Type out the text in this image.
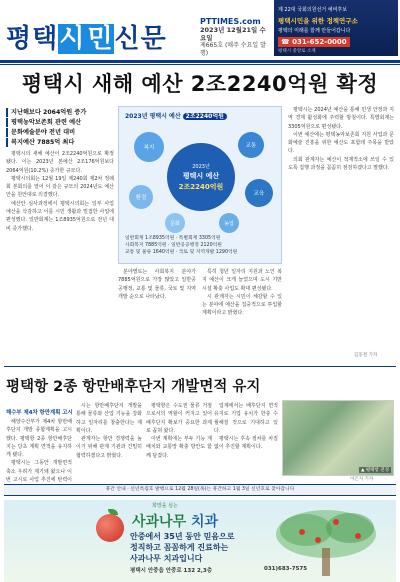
평택시민신문
PTTIMES.com
2023년 12월21일 수요일
제665호 (매주 수요일 발행)
제 22대 국회의원선거 예비후보
평택시민을 위한 정책연구소
평택의 미래를 함께 만들어갑니다
☎ 031-652-0000
평택시 중앙로 소재
평택시 새해 예산 2조2240억원 확정
지난해보다 2064억원 증가
평택농악보존회 관련 예산
문화예술분야 전년 대비
복지예산 7885억 최다

평택시의 새해 예산이 2조2240억원으로 확정됐다. 이는 2023년 본예산 2조176억원보다 2064억원(10.2%) 증가한 규모다.

평택시의회는 12월 19일 제240회 제2차 정례회 본회의를 열어 이 같은 규모의 2024년도 예산안을 원안대로 의결했다.

예산안 심사과정에서 평택시의회는 일부 사업 예산을 삭감하고 이를 시민 생활과 밀접한 사업에 편성했다. 일반회계는 1조8935억원으로 전년 대비 증가했다.

2023년 평택시 예산 2조2240억원
2023년
평택시 예산
2조2240억원
복지	교통
환경
교육
문화	농업
일반회계 1조8935억원 · 특별회계 3305억원
사회복지 7885억원 · 일반공공행정 2120억원
교통 및 물류 1640억원 · 국토 및 지역개발 1290억원

분야별로는 사회복지 분야가 7885억원으로 가장 많았고 일반공공행정, 교통 및 물류, 국토 및 지역개발 순으로 나타났다.

특히 청년 일자리 지원과 노인 복지 예산이 크게 늘었으며 도시 기반 시설 확충 사업도 확대 편성됐다.

시 관계자는 시민이 체감할 수 있는 분야에 예산을 집중적으로 투입할 계획이라고 밝혔다.

평택시는 2024년 예산을 통해 민생 안정과 지역 경제 활성화에 주력할 방침이다. 특별회계는 3305억원으로 편성됐다.

이번 예산에는 평택농악보존회 지원 사업과 문화예술 진흥을 위한 예산도 포함돼 주목을 받았다.

의회 관계자는 예산이 적재적소에 쓰일 수 있도록 집행 과정을 꼼꼼히 점검하겠다고 말했다.

김동철 기자
평택항 2종 항만배후단지 개발면적 유지
해수부 제4차 항만계획 고시

해양수산부가 제4차 항만배후단지 개발 종합계획을 고시했다. 평택항 2종 항만배후단지는 당초 계획 면적을 유지하게 됐다.

평택시는 그동안 개발면적 축소 우려가 제기돼 왔으나 이번 고시로 사업 추진에 탄력이

시는 항만배후단지 개발을 통해 물류와 산업 기능을 강화하고 일자리를 창출한다는 계획이다.

관계자는 항만 경쟁력을 높이기 위해 관계 기관과 긴밀히 협력하겠다고 밝혔다.

평택항은 수도권 물류 거점으로서의 역할이 커지고 있어 배후단지 확보가 중요한 과제로 꼽혀 왔다.

이번 계획에는 부두 기능 재배치와 교통망 확충 방안도 함께 담겼다.

업계에서는 배후단지 면적 유지로 기업 유치가 한층 수월해질 것으로 기대하고 있다.

평택시는 후속 절차를 차질 없이 추진할 계획이다.

▲ 평택항 전경
이은지 기자
휴간 안내 · 신년특집호 발행으로 12월 28일(목)는 휴간하고 1월 3일 신년호로 찾아갑니다
희망을 심는
사과나무 치과
안중에서 35년 동안 믿음으로
정직하고 꼼꼼하게 진료하는
사과나무 치과입니다
평택시 안중읍 안중로 132 2,3층	031)683-7575
